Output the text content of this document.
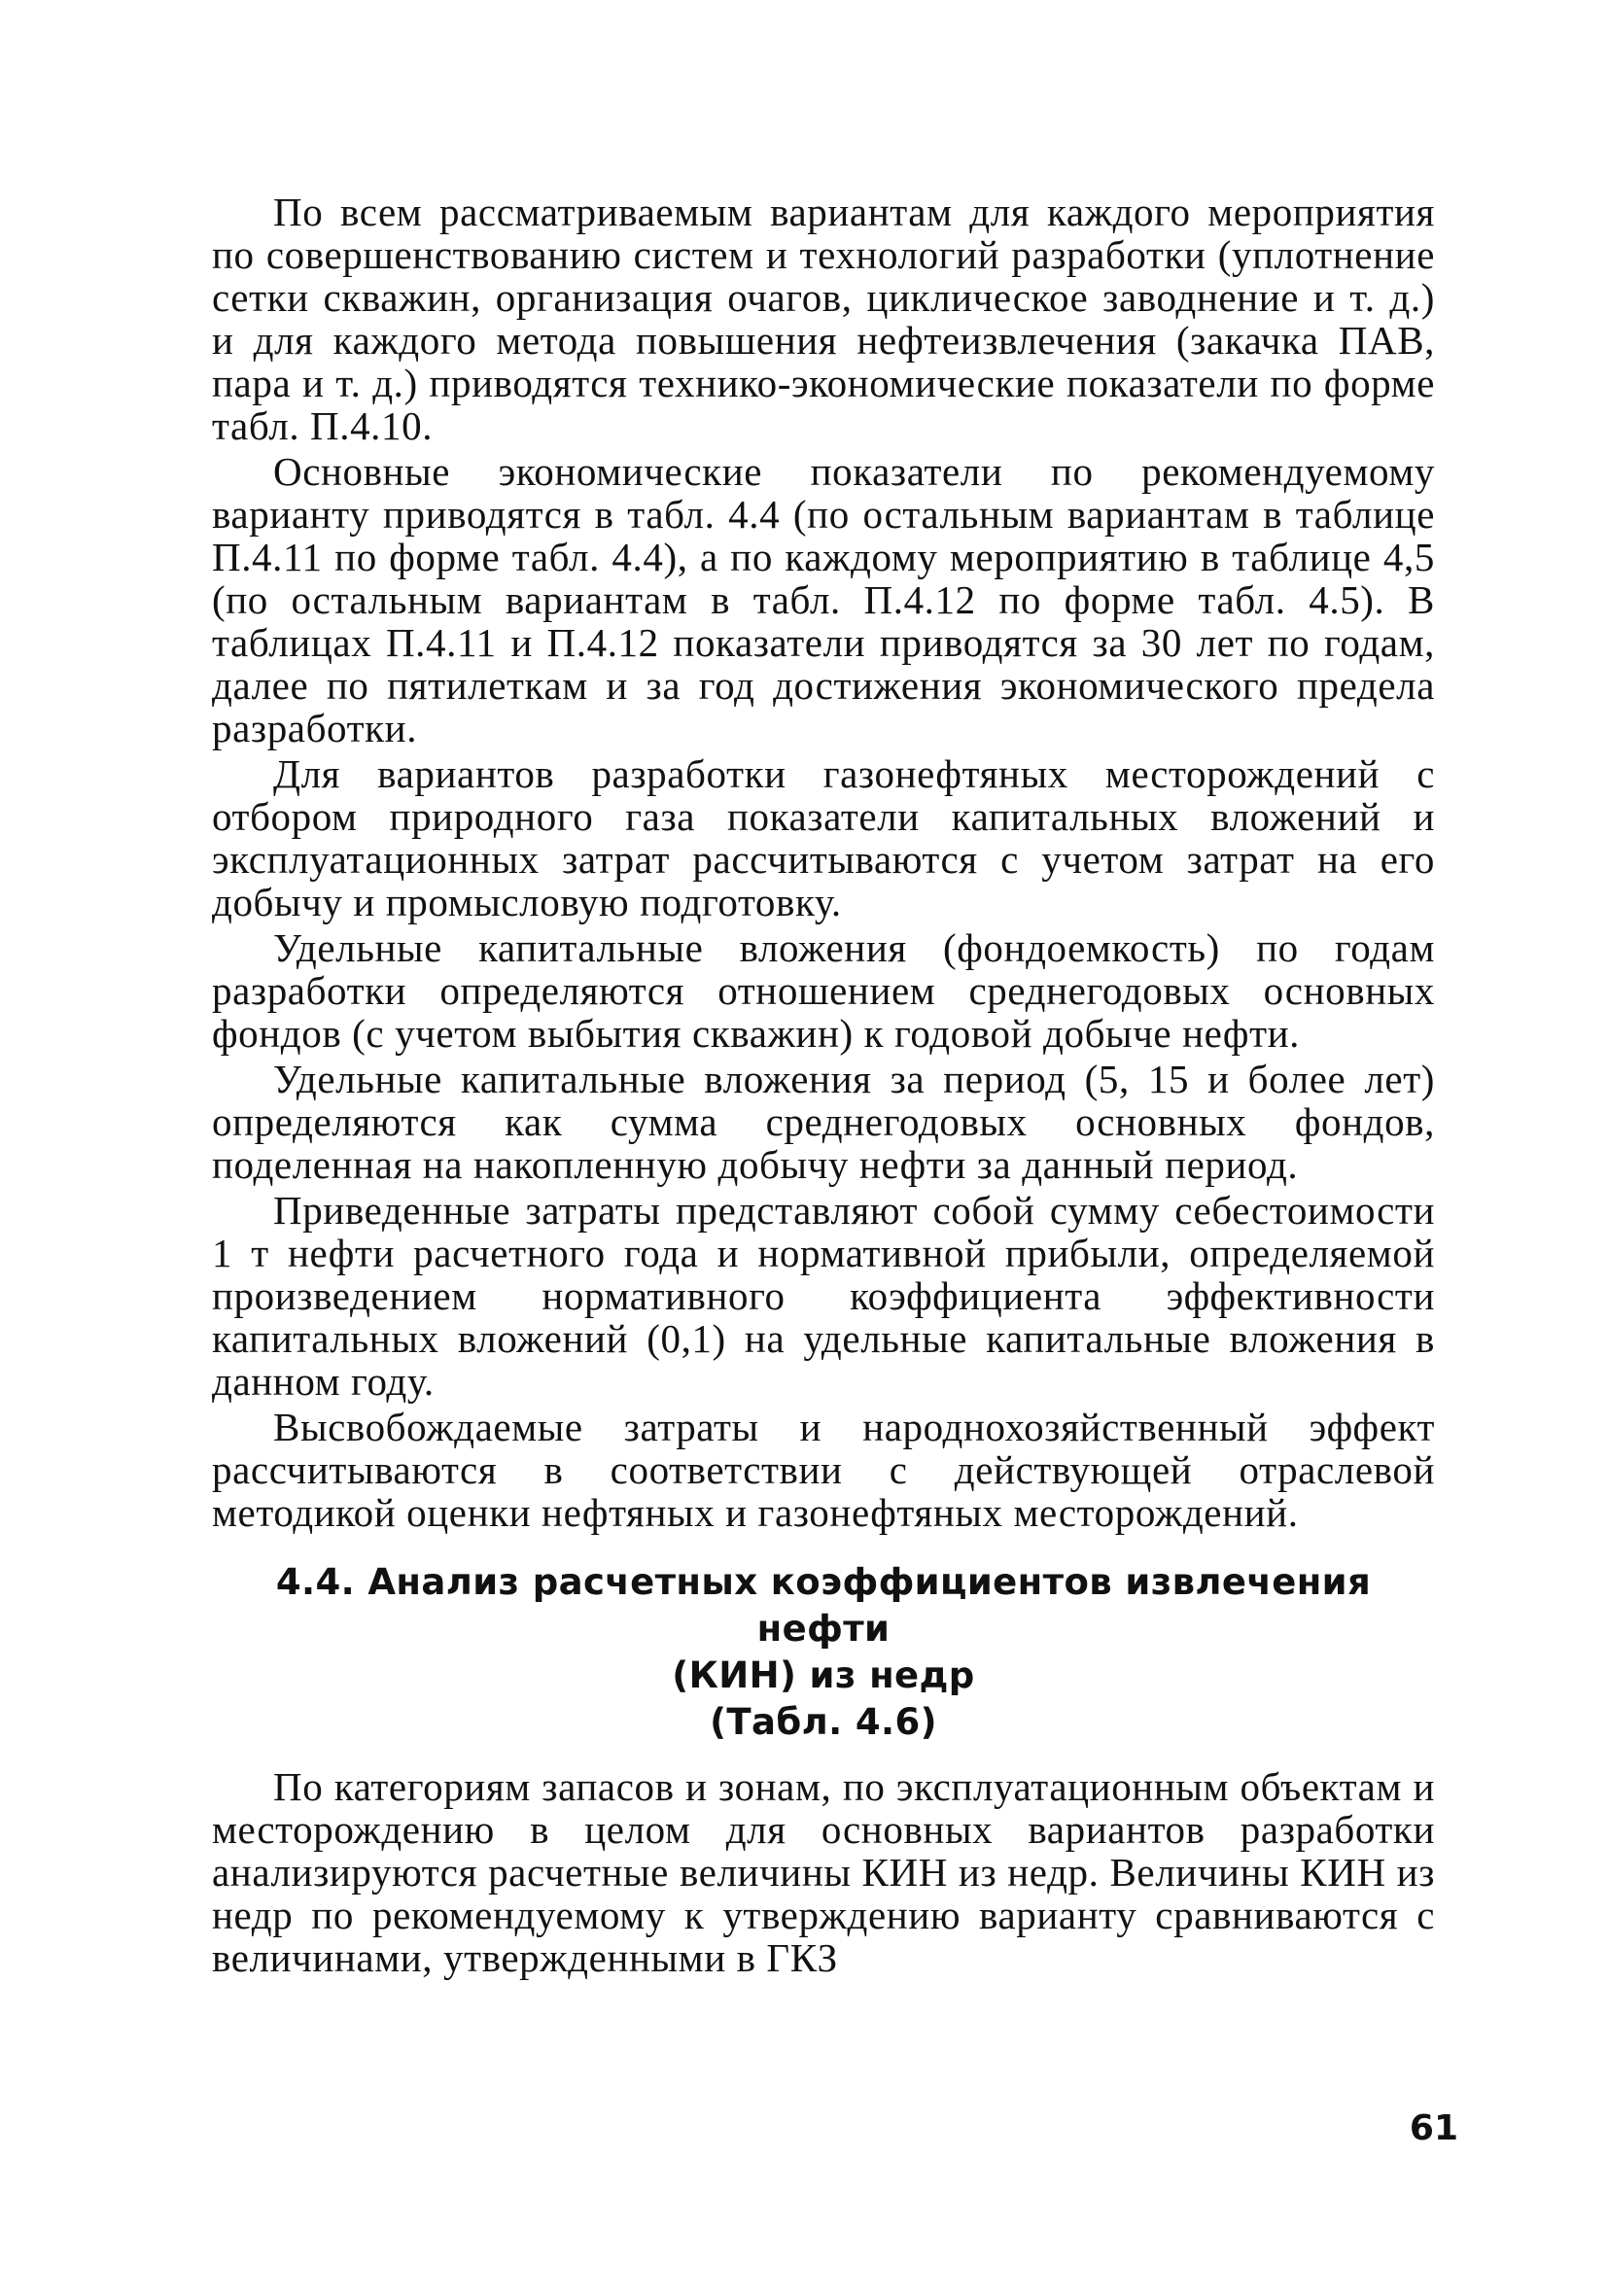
По всем рассматриваемым вариантам для каждого мероприятия по совершенствованию систем и технологий разработки (уплотнение сетки скважин, организация очагов, циклическое заводнение и т. д.) и для каждого метода повышения нефтеизвлечения (закачка ПАВ, пара и т. д.) приводятся технико-экономические показатели по форме табл. П.4.10.

Основные экономические показатели по рекомендуемому варианту приводятся в табл. 4.4 (по остальным вариантам в таблице П.4.11 по форме табл. 4.4), а по каждому мероприятию в таблице 4,5 (по остальным вариантам в табл. П.4.12 по форме табл. 4.5). В таблицах П.4.11 и П.4.12 показатели приводятся за 30 лет по годам, далее по пятилеткам и за год достижения экономического предела разработки.

Для вариантов разработки газонефтяных месторождений с отбором природного газа показатели капитальных вложений и эксплуатационных затрат рассчитываются с учетом затрат на его добычу и промысловую подготовку.

Удельные капитальные вложения (фондоемкость) по годам разработки определяются отношением среднегодовых основных фондов (с учетом выбытия скважин) к годовой добыче нефти.

Удельные капитальные вложения за период (5, 15 и более лет) определяются как сумма среднегодовых основных фондов, поделенная на накопленную добычу нефти за данный период.

Приведенные затраты представляют собой сумму себестоимости 1 т нефти расчетного года и нормативной прибыли, определяемой произведением нормативного коэффициента эффективности капитальных вложений (0,1) на удельные капитальные вложения в данном году.

Высвобождаемые затраты и народнохозяйственный эффект рассчитываются в соответствии с действующей отраслевой методикой оценки нефтяных и газонефтяных месторождений.

4.4. Анализ расчетных коэффициентов извлечения нефти
(КИН) из недр
(Табл. 4.6)

По категориям запасов и зонам, по эксплуатационным объектам и месторождению в целом для основных вариантов разработки анализируются расчетные величины КИН из недр. Величины КИН из недр по рекомендуемому к утверждению варианту сравниваются с величинами, утвержденными в ГКЗ

61
